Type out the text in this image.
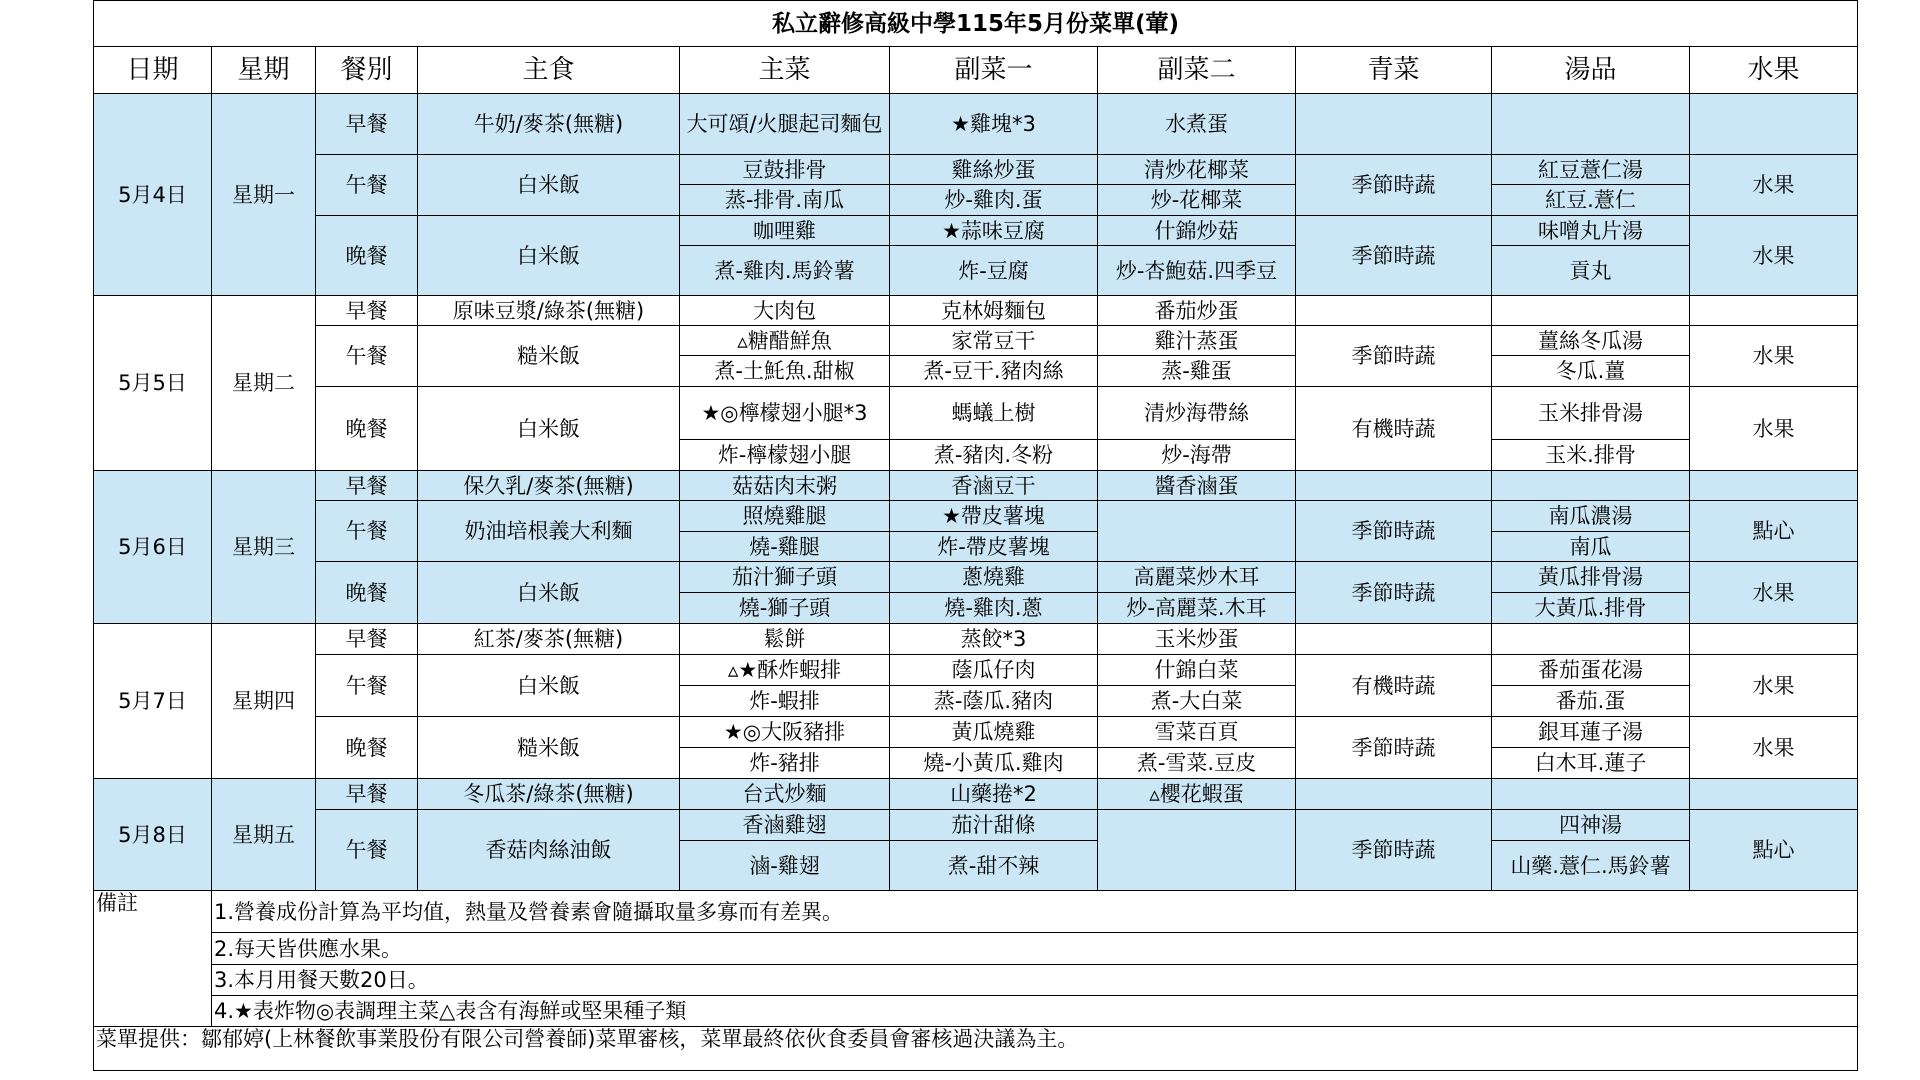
私立辭修高級中學115年5月份菜單(葷)									
日期	星期	餐別	主食	主菜	副菜一	副菜二	青菜	湯品	水果
5月4日	星期一	早餐	牛奶/麥茶(無糖)	大可頌/火腿起司麵包	★雞塊*3	水煮蛋			
		午餐	白米飯	豆鼓排骨	雞絲炒蛋	清炒花椰菜	季節時蔬	紅豆薏仁湯	水果
				蒸-排骨.南瓜	炒-雞肉.蛋	炒-花椰菜		紅豆.薏仁	
		晚餐	白米飯	咖哩雞	★蒜味豆腐	什錦炒菇	季節時蔬	味噌丸片湯	水果
				煮-雞肉.馬鈴薯	炸-豆腐	炒-杏鮑菇.四季豆		貢丸	
5月5日	星期二	早餐	原味豆漿/綠茶(無糖)	大肉包	克林姆麵包	番茄炒蛋			
		午餐	糙米飯	▵糖醋鮮魚	家常豆干	雞汁蒸蛋	季節時蔬	薑絲冬瓜湯	水果
				煮-土魠魚.甜椒	煮-豆干.豬肉絲	蒸-雞蛋		冬瓜.薑	
		晚餐	白米飯	★◎檸檬翅小腿*3	螞蟻上樹	清炒海帶絲	有機時蔬	玉米排骨湯	水果
				炸-檸檬翅小腿	煮-豬肉.冬粉	炒-海帶		玉米.排骨	
5月6日	星期三	早餐	保久乳/麥茶(無糖)	菇菇肉末粥	香滷豆干	醬香滷蛋			
		午餐	奶油培根義大利麵	照燒雞腿	★帶皮薯塊		季節時蔬	南瓜濃湯	點心
				燒-雞腿	炸-帶皮薯塊			南瓜	
		晚餐	白米飯	茄汁獅子頭	蔥燒雞	高麗菜炒木耳	季節時蔬	黃瓜排骨湯	水果
				燒-獅子頭	燒-雞肉.蔥	炒-高麗菜.木耳		大黃瓜.排骨	
5月7日	星期四	早餐	紅茶/麥茶(無糖)	鬆餅	蒸餃*3	玉米炒蛋			
		午餐	白米飯	▵★酥炸蝦排	蔭瓜仔肉	什錦白菜	有機時蔬	番茄蛋花湯	水果
				炸-蝦排	蒸-蔭瓜.豬肉	煮-大白菜		番茄.蛋	
		晚餐	糙米飯	★◎大阪豬排	黃瓜燒雞	雪菜百頁	季節時蔬	銀耳蓮子湯	水果
				炸-豬排	燒-小黃瓜.雞肉	煮-雪菜.豆皮		白木耳.蓮子	
5月8日	星期五	早餐	冬瓜茶/綠茶(無糖)	台式炒麵	山藥捲*2	▵櫻花蝦蛋			
		午餐	香菇肉絲油飯	香滷雞翅	茄汁甜條		季節時蔬	四神湯	點心
				滷-雞翅	煮-甜不辣			山藥.薏仁.馬鈴薯	
備註	1.營養成份計算為平均值，熱量及營養素會隨攝取量多寡而有差異。								
	2.每天皆供應水果。								
	3.本月用餐天數20日。								
	4.★表炸物◎表調理主菜△表含有海鮮或堅果種子類								
菜單提供：鄒郁婷(上林餐飲事業股份有限公司營養師)菜單審核，菜單最終依伙食委員會審核過決議為主。									
